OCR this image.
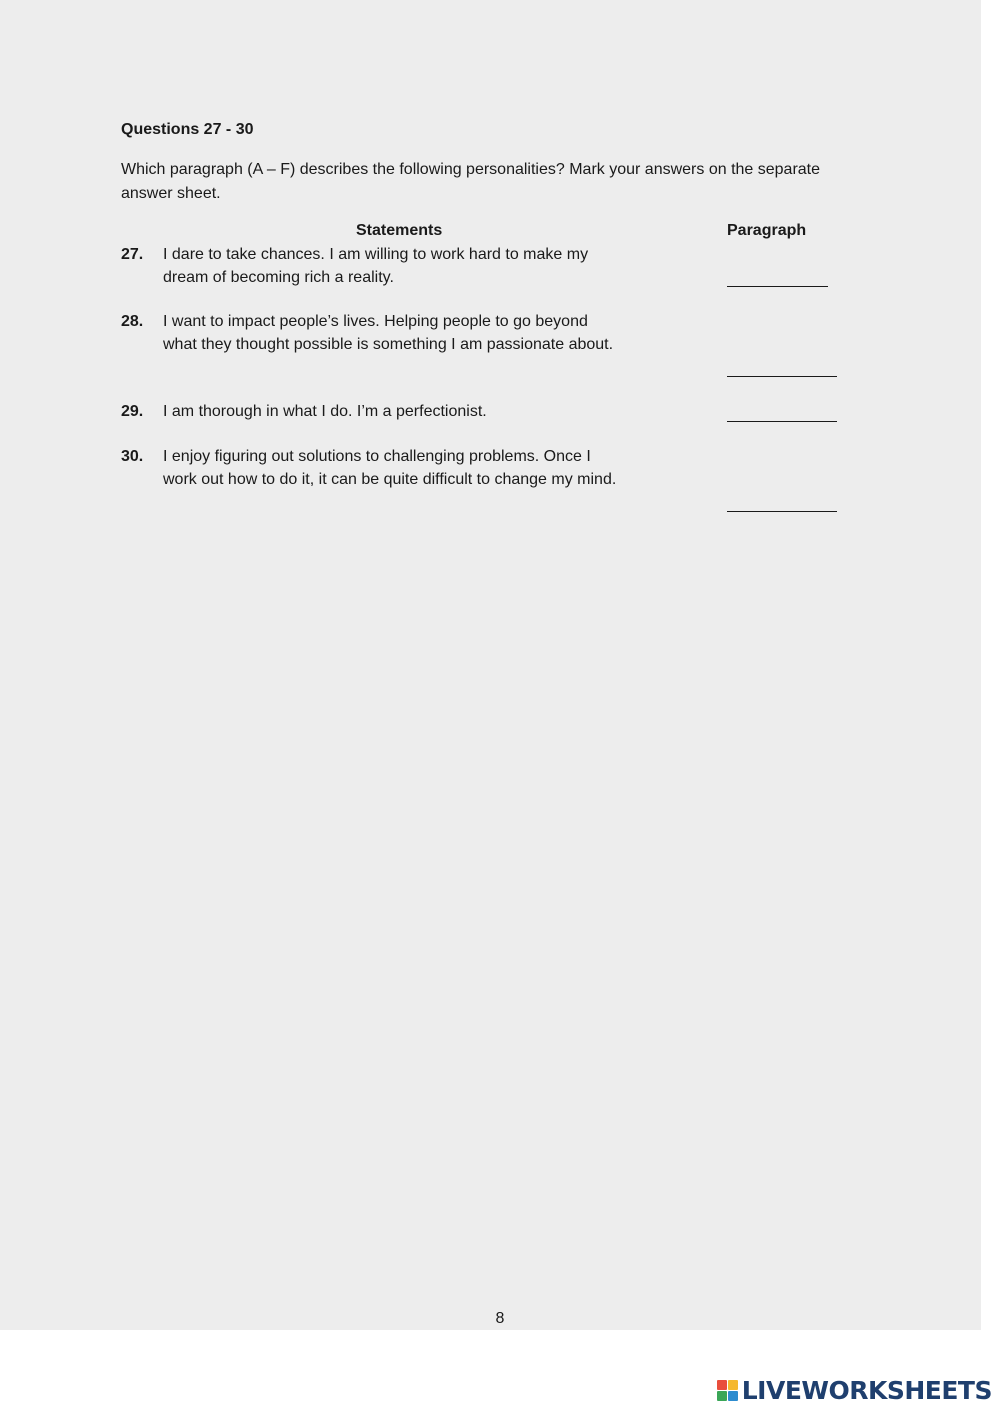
Questions 27 - 30

Which paragraph (A – F) describes the following personalities? Mark your answers on the separate answer sheet.

Statements	Paragraph
27. I dare to take chances. I am willing to work hard to make my dream of becoming rich a reality.
28. I want to impact people’s lives. Helping people to go beyond what they thought possible is something I am passionate about.
29. I am thorough in what I do. I’m a perfectionist.
30. I enjoy figuring out solutions to challenging problems. Once I work out how to do it, it can be quite difficult to change my mind.
8
LIVEWORKSHEETS
